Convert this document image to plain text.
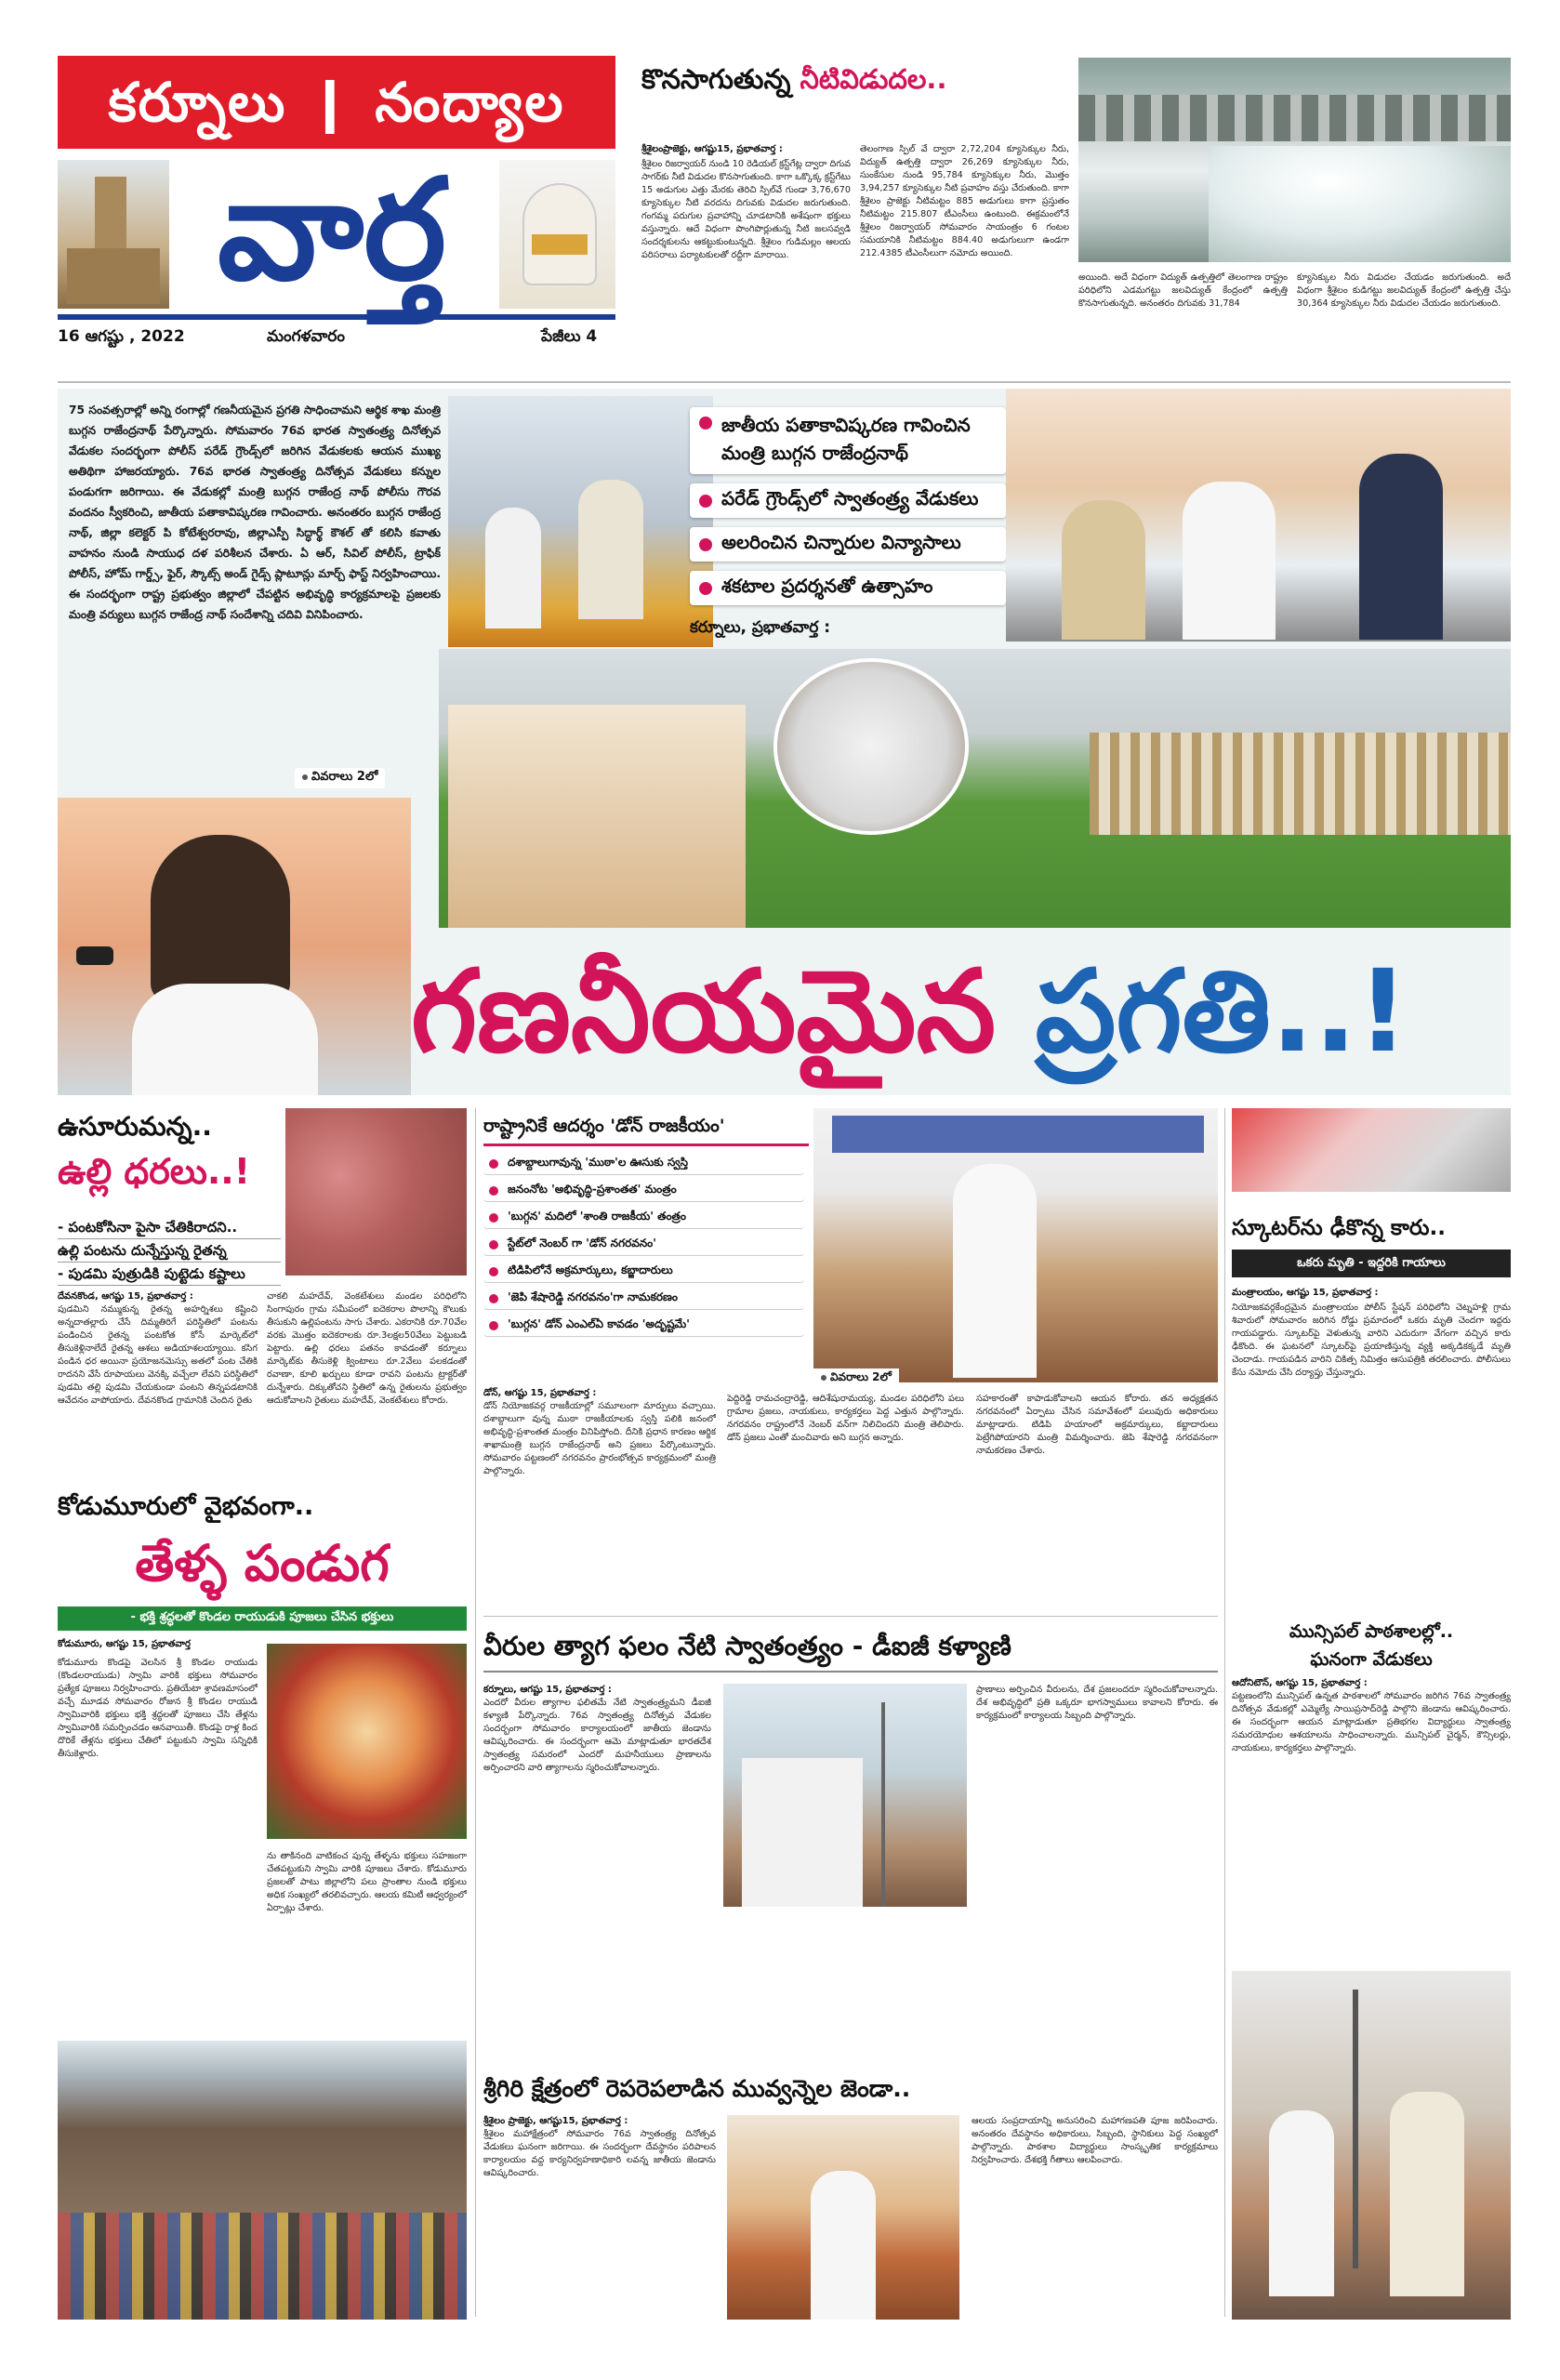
కర్నూలు ❙ నంద్యాల
వార్త
16 ఆగష్టు , 2022	మంగళవారం	పేజీలు 4
కొనసాగుతున్న నీటివిడుదల..
శ్రీశైలంప్రాజెక్టు, ఆగష్టు15, ప్రభాతవార్త :
శ్రీశైలం రిజర్వాయర్ నుండి 10 రెడియల్ క్రస్ట్‌గేట్ల ద్వారా దిగువ సాగర్‌కు నీటి విడుదల కొనసాగుతుంది. కాగా ఒక్కొక్క క్రస్ట్‌గేటు 15 అడుగుల ఎత్తు మేరకు తెరిచి స్పిల్‌వే గుండా 3,76,670 క్యూసెక్కుల నీటి వరదను దిగువకు విడుదల జరుగుతుంది. గంగమ్మ పరుగుల ప్రవాహాన్ని చూడటానికి అశేషంగా భక్తులు వస్తున్నారు. ఆదే విధంగా పొంగిపొర్లుతున్న నీటి జలసవ్వడి సందర్శకులను ఆకట్టుకుంటున్నది. శ్రీశైలం గుడిమల్లం ఆలయ పరిసరాలు పర్యాటకులతో రద్దీగా మారాయి.
తెలంగాణ స్పిల్ వే ద్వారా 2,72,204 క్యూసెక్కుల నీరు, విద్యుత్ ఉత్పత్తి ద్వారా 26,269 క్యూసెక్కుల నీరు, సుంకేసుల నుండి 95,784 క్యూసెక్కుల నీరు, మొత్తం 3,94,257 క్యూసెక్కుల నీటి ప్రవాహం వస్తు చేరుతుంది. కాగా శ్రీశైలం ప్రాజెక్టు నీటిమట్టం 885 అడుగులు కాగా ప్రస్తుతం నీటిమట్టం 215.807 టీఎంసీలు ఉంటుంది. ఈక్రమంలోనే శ్రీశైలం రిజర్వాయర్ సోమవారం సాయంత్రం 6 గంటల సమయానికి నీటిమట్టం 884.40 అడుగులుగా ఉండగా 212.4385 టీఎంసీలుగా నమోదు అయింది.
అయింది. అదే విధంగా విద్యుత్ ఉత్పత్తిలో తెలంగాణ రాష్ట్రం పరిధిలోని ఎడమగట్టు జలవిద్యుత్ కేంద్రంలో ఉత్పత్తి కొనసాగుతున్నది. అనంతరం దిగువకు 31,784
క్యూసెక్కుల నీరు విడుదల చేయడం జరుగుతుంది. అదే విధంగా శ్రీశైలం కుడిగట్టు జలవిద్యుత్ కేంద్రంలో ఉత్పత్తి చేస్తు 30,364 క్యూసెక్కుల నీరు విడుదల చేయడం జరుగుతుంది.
75 సంవత్సరాల్లో అన్ని రంగాల్లో గణనీయమైన ప్రగతి సాధించామని ఆర్థిక శాఖ మంత్రి బుగ్గన రాజేంద్రనాథ్ పేర్కొన్నారు. సోమవారం 76వ భారత స్వాతంత్ర్య దినోత్సవ వేడుకల సందర్భంగా పోలీస్ పరేడ్ గ్రౌండ్స్‌లో జరిగిన వేడుకలకు ఆయన ముఖ్య అతిథిగా హాజరయ్యారు. 76వ భారత స్వాతంత్ర్య దినోత్సవ వేడుకలు కన్నుల పండుగగా జరిగాయి. ఈ వేడుకల్లో మంత్రి బుగ్గన రాజేంద్ర నాథ్ పోలీసు గౌరవ వందనం స్వీకరించి, జాతీయ పతాకావిష్కరణ గావించారు. అనంతరం బుగ్గన రాజేంద్ర నాథ్, జిల్లా కలెక్టర్ పి కోటేశ్వరరావు, జిల్లాఎస్పీ సిద్ధార్థ్ కౌశల్ తో కలిసి కవాతు వాహనం నుండి సాయుధ దళ పరిశీలన చేశారు. ఏ ఆర్, సివిల్ పోలీస్, ట్రాఫిక్ పోలీస్, హోమ్ గార్డ్స్, ఫైర్, స్కౌట్స్ అండ్ గైడ్స్ ప్లాటూన్లు మార్చ్ ఫాస్ట్ నిర్వహించాయి. ఈ సందర్భంగా రాష్ట్ర ప్రభుత్వం జిల్లాలో చేపట్టిన అభివృద్ధి కార్యక్రమాలపై ప్రజలకు మంత్రి వర్యులు బుగ్గన రాజేంద్ర నాథ్ సందేశాన్ని చదివి వినిపించారు.
జాతీయ పతాకావిష్కరణ గావించిన మంత్రి బుగ్గన రాజేంద్రనాథ్
పరేడ్ గ్రౌండ్స్‌లో స్వాతంత్ర్య వేడుకలు
అలరించిన చిన్నారుల విన్యాసాలు
శకటాల ప్రదర్శనతో ఉత్సాహం
కర్నూలు, ప్రభాతవార్త :
వివరాలు 2లో
గణనీయమైన ప్రగతి..!
ఉసూరుమన్న..
ఉల్లి ధరలు..!
- పంటకోసినా పైసా చేతికిరాదని..
ఉల్లి పంటను దున్నేస్తున్న రైతన్న
- పుడమి పుత్రుడికి పుట్టెడు కష్టాలు
దేవనకొండ, ఆగష్టు 15, ప్రభాతవార్త :
పుడమిని నమ్ముకున్న రైతన్న అహర్నిశలు కష్టించి అన్నదాతల్లారు చేసే దిమ్మతిరిగే పరిస్థితిలో పంటను పండించిన రైతన్న పంటకోత కోసే మార్కెట్‌లో తీసుకెళ్లినాలేదే రైతన్న ఆశలు అడియాశలయ్యాయి. కసిగ పండిన ధర అయినా ప్రయోజనమెస్సు అతలో పంట చేతికి రాదనని వేసే రూపాయలు వెనక్కి వచ్చేలా లేవని పరిస్థితిలో పుడమి తల్లి పుడమి చేయకుండా పంటని తిన్నపడటానికి ఆవేదనం వాపోయారు. దేవనకొండ గ్రామానికి చెందిన రైతు
చాకలి మహదేవ్, వెంకటేశులు మండల పరిధిలోని సింగాపురం గ్రామ సమీపంలో ఐదెకరాల పొలాన్ని కౌలుకు తీసుకుని ఉల్లిపంటను సాగు చేశారు. ఎకరానికి రూ.70వేల వరకు మొత్తం ఐదెకరాలకు రూ.3లక్షల50వేలు పెట్టుబడి పెట్టారు. ఉల్లి ధరలు పతనం కావడంతో కర్నూలు మార్కెట్‌కు తీసుకెళ్లి క్వింటాలు రూ.2వేలు పలకడంతో రవాణా, కూలి ఖర్చులు కూడా రావని పంటను ట్రాక్టర్‌తో దున్నేశారు. దిక్కుతోచని స్థితిలో ఉన్న రైతులను ప్రభుత్వం ఆదుకోవాలని రైతులు మహదేవ్, వెంకటేశులు కోరారు.
కోడుమూరులో వైభవంగా..
తేళ్ళ పండుగ
- భక్తి శ్రద్ధలతో కొండల రాయుడుకి పూజలు చేసిన భక్తులు
కోడుమూరు, ఆగష్టు 15, ప్రభాతవార్త
కోడుమూరు కొండపై వెలసిన శ్రీ కొండల రాయుడు (కొండలరాయుడు) స్వామి వారికి భక్తులు సోమవారం ప్రత్యేక పూజలు నిర్వహించారు. ప్రతియేటా శ్రావణమాసంలో వచ్చే మూడవ సోమవారం రోజున శ్రీ కొండల రాయుడి స్వామివారికి భక్తులు భక్తి శ్రద్ధలతో పూజలు చేసి తేళ్లను స్వామివారికి సమర్పించడం ఆనవాయితీ. కొండపై రాళ్ల కింద దొరికే తేళ్లను భక్తులు చేతిలో పట్టుకుని స్వామి సన్నిధికి తీసుకెళ్లారు.
ను తాకినంది వాటికంచ పున్న తేళ్ళను భక్తులు సహజంగా చేతపట్టుకుని స్వామి వారికి పూజలు చేశారు. కోడుమూరు ప్రజలతో పాటు జిల్లాలోని పలు ప్రాంతాల నుండి భక్తులు అధిక సంఖ్యలో తరలివచ్చారు. ఆలయ కమిటీ ఆధ్వర్యంలో ఏర్పాట్లు చేశారు.
రాష్ట్రానికే ఆదర్శం 'డోన్ రాజకీయం'
దశాబ్దాలుగావున్న 'ముఠా'ల ఊసుకు స్వస్తి
జనంనోట 'అభివృద్ధి-ప్రశాంతత' మంత్రం
'బుగ్గన' మదిలో 'శాంతి రాజకీయ' తంత్రం
స్టేట్‌లో నెంబర్ గా 'డోన్ నగరవనం'
టిడిపిలోనే అక్రమార్కులు, కబ్జాదారులు
'జెపి శేషారెడ్డి నగరవనం'గా నామకరణం
'బుగ్గన' డోన్ ఎంఎల్ఏ కావడం 'అదృష్టమే'
వివరాలు 2లో
డోన్, ఆగష్టు 15, ప్రభాతవార్త :
డోన్ నియోజకవర్గ రాజకీయాల్లో సమూలంగా మార్పులు వచ్చాయి. దశాబ్దాలుగా వున్న ముఠా రాజకీయాలకు స్వస్తి పలికి జనంలో అభివృద్ధి-ప్రశాంతత మంత్రం వినిపిస్తోంది. దీనికి ప్రధాన కారణం ఆర్థిక శాఖామంత్రి బుగ్గన రాజేంద్రనాథ్ అని ప్రజలు పేర్కొంటున్నారు. సోమవారం పట్టణంలో నగరవనం ప్రారంభోత్సవ కార్యక్రమంలో మంత్రి పాల్గొన్నారు.
పెద్దిరెడ్డి రామచంద్రారెడ్డి, ఆదిశేషురామయ్య, మండల పరిధిలోని పలు గ్రామాల ప్రజలు, నాయకులు, కార్యకర్తలు పెద్ద ఎత్తున పాల్గొన్నారు. నగరవనం రాష్ట్రంలోనే నెంబర్ వన్‌గా నిలిచిందని మంత్రి తెలిపారు. డోన్ ప్రజలు ఎంతో మంచివారు అని బుగ్గన అన్నారు.
సహకారంతో కాపాడుకోవాలని ఆయన కోరారు. తన అధ్యక్షతన నగరవనంలో ఏర్పాటు చేసిన సమావేశంలో పలువురు అధికారులు మాట్లాడారు. టిడిపి హయాంలో అక్రమార్కులు, కబ్జాదారులు పెట్రేగిపోయారని మంత్రి విమర్శించారు. జెపి శేషారెడ్డి నగరవనంగా నామకరణం చేశారు.
స్కూటర్‌ను ఢీకొన్న కారు..
ఒకరు మృతి - ఇద్దరికి గాయాలు
మంత్రాలయం, ఆగష్టు 15, ప్రభాతవార్త :
నియోజకవర్గకేంద్రమైన మంత్రాలయం పోలీస్ స్టేషన్ పరిధిలోని చెట్నహళ్లి గ్రామ శివారులో సోమవారం జరిగిన రోడ్డు ప్రమాదంలో ఒకరు మృతి చెందగా ఇద్దరు గాయపడ్డారు. స్కూటర్‌పై వెళుతున్న వారిని ఎదురుగా వేగంగా వచ్చిన కారు ఢీకొంది. ఈ ఘటనలో స్కూటర్‌పై ప్రయాణిస్తున్న వ్యక్తి అక్కడికక్కడే మృతి చెందాడు. గాయపడిన వారిని చికిత్స నిమిత్తం ఆసుపత్రికి తరలించారు. పోలీసులు కేసు నమోదు చేసి దర్యాప్తు చేస్తున్నారు.
మున్సిపల్ పాఠశాలల్లో..
ఘనంగా వేడుకలు
ఆదోనిటౌన్, ఆగష్టు 15, ప్రభాతవార్త :
పట్టణంలోని మున్సిపల్ ఉన్నత పాఠశాలలో సోమవారం జరిగిన 76వ స్వాతంత్ర్య దినోత్సవ వేడుకల్లో ఎమ్మెల్యే సాయిప్రసాద్‌రెడ్డి పాల్గొని జెండాను ఆవిష్కరించారు. ఈ సందర్భంగా ఆయన మాట్లాడుతూ ప్రతిభగల విద్యార్థులు స్వాతంత్ర్య సమరయోధుల ఆశయాలను సాధించాలన్నారు. మున్సిపల్ చైర్మన్, కౌన్సిలర్లు, నాయకులు, కార్యకర్తలు పాల్గొన్నారు.
వీరుల త్యాగ ఫలం నేటి స్వాతంత్ర్యం - డీఐజీ కళ్యాణి
కర్నూలు, ఆగష్టు 15, ప్రభాతవార్త :
ఎందరో వీరుల త్యాగాల ఫలితమే నేటి స్వాతంత్ర్యమని డీఐజీ కళ్యాణి పేర్కొన్నారు. 76వ స్వాతంత్ర్య దినోత్సవ వేడుకల సందర్భంగా సోమవారం కార్యాలయంలో జాతీయ జెండాను ఆవిష్కరించారు. ఈ సందర్భంగా ఆమె మాట్లాడుతూ భారతదేశ స్వాతంత్ర్య సమరంలో ఎందరో మహనీయులు ప్రాణాలను అర్పించారని వారి త్యాగాలను స్మరించుకోవాలన్నారు.
ప్రాణాలు అర్పించిన వీరులను, దేశ ప్రజలందరూ స్మరించుకోవాలన్నారు. దేశ అభివృద్ధిలో ప్రతి ఒక్కరూ భాగస్వాములు కావాలని కోరారు. ఈ కార్యక్రమంలో కార్యాలయ సిబ్బంది పాల్గొన్నారు.
శ్రీగిరి క్షేత్రంలో రెపరెపలాడిన మువ్వన్నెల జెండా..
శ్రీశైలం ప్రాజెక్టు, ఆగష్టు15, ప్రభాతవార్త :
శ్రీశైలం మహాక్షేత్రంలో సోమవారం 76వ స్వాతంత్ర్య దినోత్సవ వేడుకలు ఘనంగా జరిగాయి. ఈ సందర్భంగా దేవస్థానం పరిపాలన కార్యాలయం వద్ద కార్యనిర్వహణాధికారి లవన్న జాతీయ జెండాను ఆవిష్కరించారు.
ఆలయ సంప్రదాయాన్ని అనుసరించి మహాగణపతి పూజ జరిపించారు. అనంతరం దేవస్థానం అధికారులు, సిబ్బంది, స్థానికులు పెద్ద సంఖ్యలో పాల్గొన్నారు. పాఠశాల విద్యార్థులు సాంస్కృతిక కార్యక్రమాలు నిర్వహించారు. దేశభక్తి గీతాలు ఆలపించారు.
